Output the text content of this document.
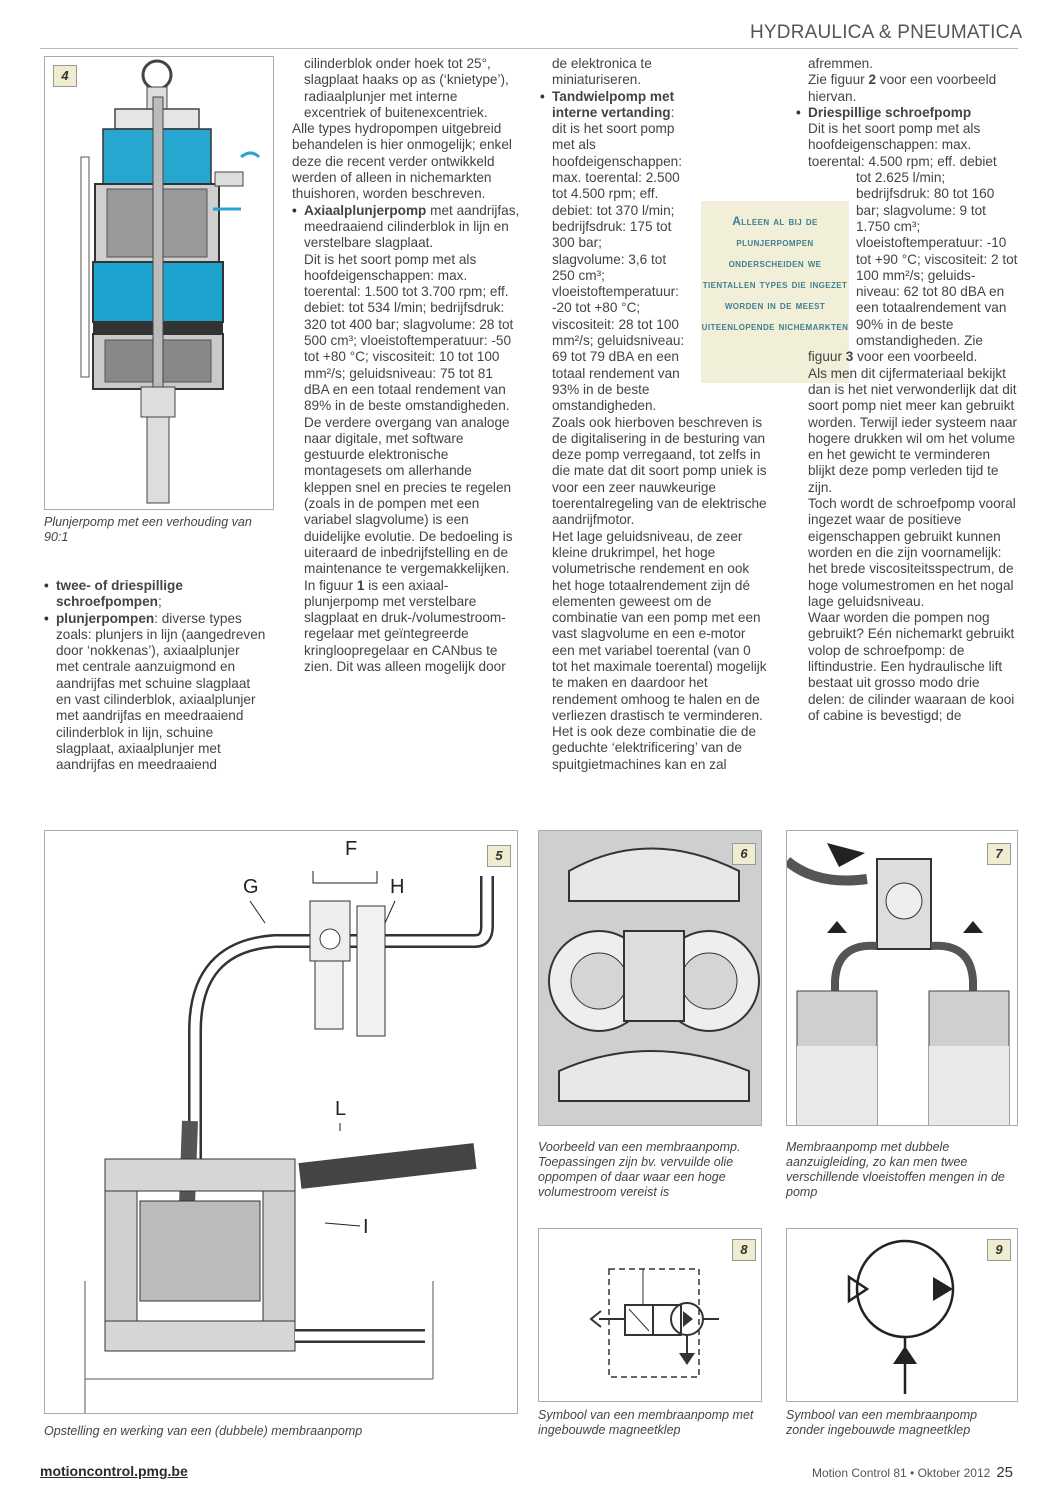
HYDRAULICA & PNEUMATICA
4
Plunjerpomp met een verhouding van 90:1

• twee- of driespillige schroefpompen;

• plunjerpompen: diverse types zoals: plunjers in lijn (aangedreven door ‘nokkenas’), axiaalplunjer met centrale aanzuigmond en aandrijfas met schuine slagplaat en vast cilinderblok, axiaalplunjer met aandrijfas en meedraaiend cilinderblok in lijn, schuine slagplaat, axiaalplunjer met aandrijfas en meedraaiend

cilinderblok onder hoek tot 25°, slagplaat haaks op as (‘knietype’), radiaalplunjer met interne excentriek of buitenexcentriek.

Alle types hydropompen uitgebreid behandelen is hier onmogelijk; enkel deze die recent verder ontwikkeld werden of alleen in nichemarkten thuishoren, worden beschreven.

• Axiaalplunjerpomp met aandrijfas, meedraaiend cilinderblok in lijn en verstelbare slagplaat.

Dit is het soort pomp met als hoofdeigenschappen: max. toerental: 1.500 tot 3.700 rpm; eff. debiet: tot 534 l/min; bedrijfsdruk: 320 tot 400 bar; slagvolume: 28 tot 500 cm³; vloeistoftemperatuur: -50 tot +80 °C; viscositeit: 10 tot 100 mm²/s; geluidsniveau: 75 tot 81 dBA en een totaal rendement van 89% in de beste omstandigheden.

De verdere overgang van analoge naar digitale, met software gestuurde elektronische montagesets om allerhande kleppen snel en precies te regelen (zoals in de pompen met een variabel slagvolume) is een duidelijke evolutie. De bedoeling is uiteraard de inbedrijfstelling en de maintenance te vergemakkelijken.

In figuur 1 is een axiaal-plunjerpomp met verstelbare slagplaat en druk-/volumestroom-regelaar met geïntegreerde kringloopregelaar en CANbus te zien. Dit was alleen mogelijk door

de elektronica te miniaturiseren.

• Tandwielpomp met interne vertanding: dit is het soort pomp met als hoofdeigenschappen: max. toerental: 2.500 tot 4.500 rpm; eff. debiet: tot 370 l/min; bedrijfsdruk: 175 tot 300 bar;

slagvolume: 3,6 tot 250 cm³; vloeistoftemperatuur: -20 tot +80 °C; viscositeit: 28 tot 100 mm²/s; geluidsniveau: 69 tot 79 dBA en een totaal rendement van 93% in de beste omstandigheden.

Zoals ook hierboven beschreven is de digitalisering in de besturing van deze pomp verregaand, tot zelfs in die mate dat dit soort pomp uniek is voor een zeer nauwkeurige toerentalregeling van de elektrische aandrijfmotor.

Het lage geluidsniveau, de zeer kleine drukrimpel, het hoge volumetrische rendement en ook het hoge totaalrendement zijn dé elementen geweest om de combinatie van een pomp met een vast slagvolume en een e-motor een met variabel toerental (van 0 tot het maximale toerental) mogelijk te maken en daardoor het rendement omhoog te halen en de verliezen drastisch te verminderen.

Het is ook deze combinatie die de geduchte ‘elektrificering’ van de spuitgietmachines kan en zal

Alleen al bij de plunjerpompen onderscheiden we tientallen types die ingezet worden in de meest uiteenlopende nichemarkten

afremmen.

Zie figuur 2 voor een voorbeeld hiervan.

• Driespillige schroefpomp

Dit is het soort pomp met als hoofdeigenschappen: max. toerental: 4.500 rpm; eff. debiet

tot 2.625 l/min; bedrijfsdruk: 80 tot 160 bar; slagvolume: 9 tot 1.750 cm³; vloeistoftemperatuur: -10 tot +90 °C; viscositeit: 2 tot 100 mm²/s; geluids-niveau: 62 tot 80 dBA en een totaalrendement van 90% in de beste omstandigheden. Zie

figuur 3 voor een voorbeeld.

Als men dit cijfermateriaal bekijkt dan is het niet verwonderlijk dat dit soort pomp niet meer kan gebruikt worden. Terwijl ieder systeem naar hogere drukken wil om het volume en het gewicht te verminderen blijkt deze pomp verleden tijd te zijn.

Toch wordt de schroefpomp vooral ingezet waar de positieve eigenschappen gebruikt kunnen worden en die zijn voornamelijk: het brede viscositeitsspectrum, de hoge volumestromen en het nogal lage geluidsniveau.

Waar worden die pompen nog gebruikt? Eén nichemarkt gebruikt volop de schroefpomp: de liftindustrie. Een hydraulische lift bestaat uit grosso modo drie delen: de cilinder waaraan de kooi of cabine is bevestigd; de

5
F
G	H
L
I
Opstelling en werking van een (dubbele) membraanpomp
6
Voorbeeld van een membraanpomp. Toepassingen zijn bv. vervuilde olie oppompen of daar waar een hoge volumestroom vereist is
7
Membraanpomp met dubbele aanzuigleiding, zo kan men twee verschillende vloeistoffen mengen in de pomp
8
Symbool van een membraanpomp met ingebouwde magneetklep
9
Symbool van een membraanpomp zonder ingebouwde magneetklep
motioncontrol.pmg.be	Motion Control 81 • Oktober 2012 25
